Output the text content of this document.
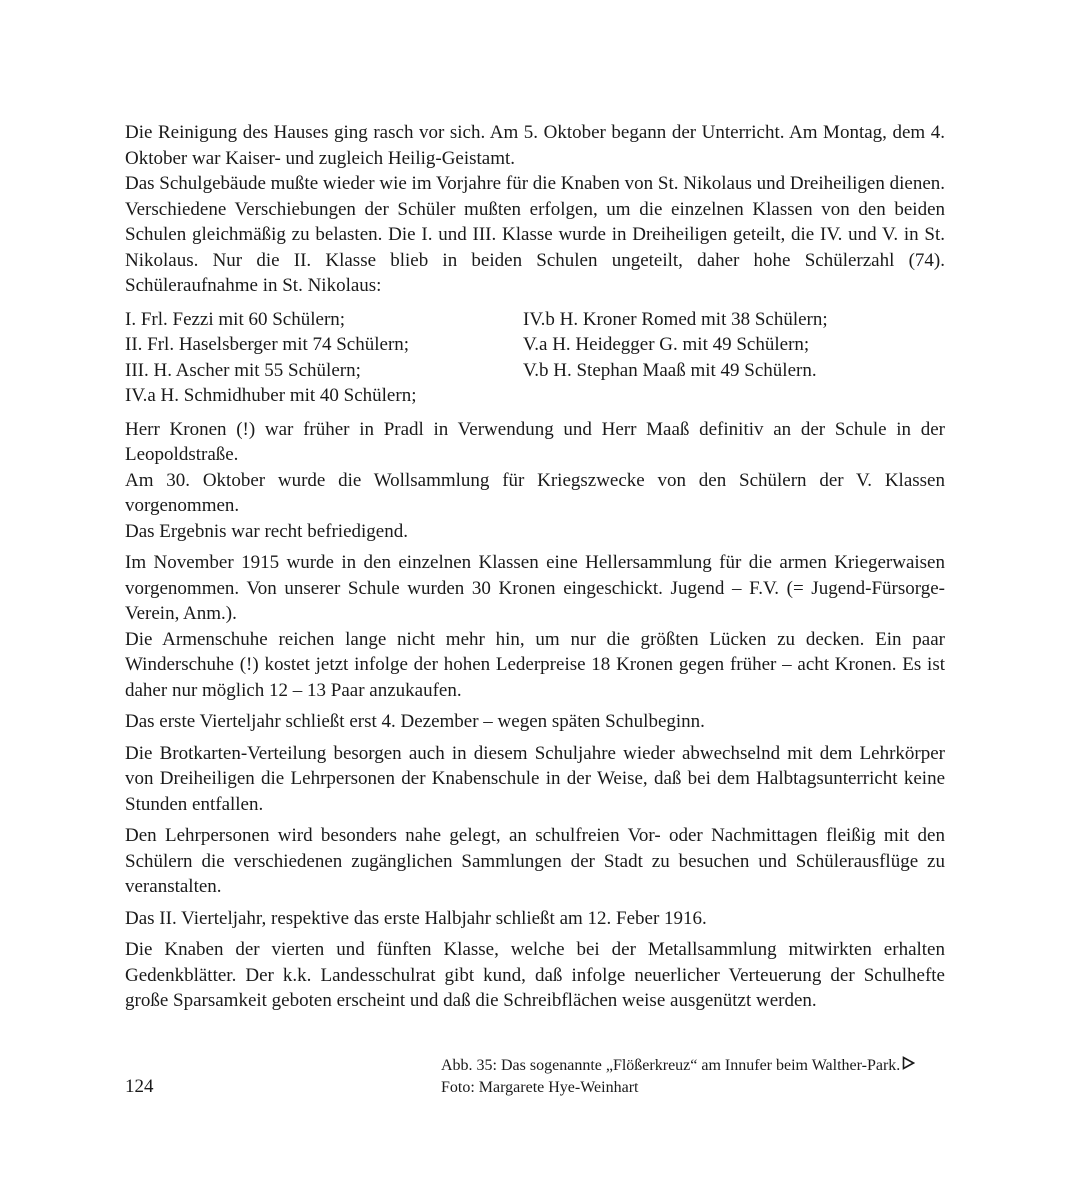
Die Reinigung des Hauses ging rasch vor sich. Am 5. Oktober begann der Unterricht. Am Montag, dem 4. Oktober war Kaiser- und zugleich Heilig-Geistamt.

Das Schulgebäude mußte wieder wie im Vorjahre für die Knaben von St. Nikolaus und Dreiheiligen dienen. Verschiedene Verschiebungen der Schüler mußten erfolgen, um die einzelnen Klassen von den beiden Schulen gleichmäßig zu belasten. Die I. und III. Klasse wurde in Dreiheiligen geteilt, die IV. und V. in St. Nikolaus. Nur die II. Klasse blieb in beiden Schulen ungeteilt, daher hohe Schülerzahl (74). Schüleraufnahme in St. Nikolaus:

I. Frl. Fezzi mit 60 Schülern;
II. Frl. Haselsberger mit 74 Schülern;
III. H. Ascher mit 55 Schülern;
IV.a H. Schmidhuber mit 40 Schülern;
IV.b H. Kroner Romed mit 38 Schülern;
V.a H. Heidegger G. mit 49 Schülern;
V.b H. Stephan Maaß mit 49 Schülern.

Herr Kronen (!) war früher in Pradl in Verwendung und Herr Maaß definitiv an der Schule in der Leopoldstraße.

Am 30. Oktober wurde die Wollsammlung für Kriegszwecke von den Schülern der V. Klassen vorgenommen.

Das Ergebnis war recht befriedigend.

Im November 1915 wurde in den einzelnen Klassen eine Hellersammlung für die armen Kriegerwaisen vorgenommen. Von unserer Schule wurden 30 Kronen eingeschickt. Jugend – F.V. (= Jugend-Fürsorge-Verein, Anm.).

Die Armenschuhe reichen lange nicht mehr hin, um nur die größten Lücken zu decken. Ein paar Winderschuhe (!) kostet jetzt infolge der hohen Lederpreise 18 Kronen gegen früher – acht Kronen. Es ist daher nur möglich 12 – 13 Paar anzukaufen.

Das erste Vierteljahr schließt erst 4. Dezember – wegen späten Schulbeginn.

Die Brotkarten-Verteilung besorgen auch in diesem Schuljahre wieder abwechselnd mit dem Lehrkörper von Dreiheiligen die Lehrpersonen der Knabenschule in der Weise, daß bei dem Halbtagsunterricht keine Stunden entfallen.

Den Lehrpersonen wird besonders nahe gelegt, an schulfreien Vor- oder Nachmittagen fleißig mit den Schülern die verschiedenen zugänglichen Sammlungen der Stadt zu besuchen und Schülerausflüge zu veranstalten.

Das II. Vierteljahr, respektive das erste Halbjahr schließt am 12. Feber 1916.

Die Knaben der vierten und fünften Klasse, welche bei der Metallsammlung mitwirkten erhalten Gedenkblätter. Der k.k. Landesschulrat gibt kund, daß infolge neuerlicher Verteuerung der Schulhefte große Sparsamkeit geboten erscheint und daß die Schreibflächen weise ausgenützt werden.

124
Abb. 35: Das sogenannte „Flößerkreuz“ am Innufer beim Walther-Park.
Foto: Margarete Hye-Weinhart
